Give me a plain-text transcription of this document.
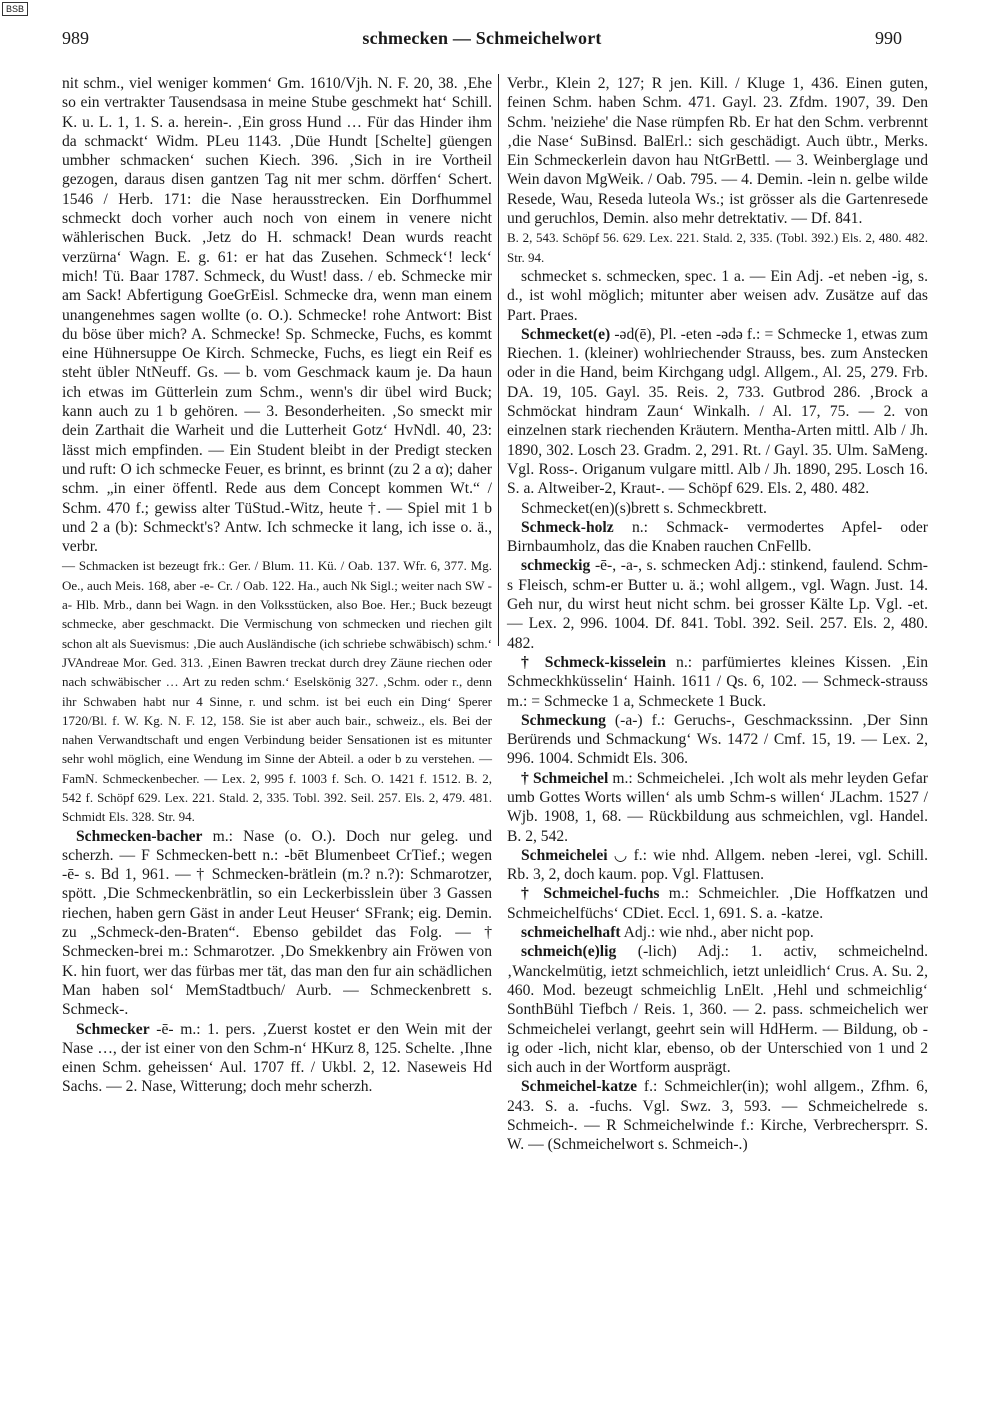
BSB
989	schmecken — Schmeichelwort	990

nit schm., viel weniger kommen‘ Gm. 1610/Vjh. N. F. 20, 38. ‚Ehe so ein vertrakter Tausendsasa in meine Stube geschmekt hat‘ Schill. K. u. L. 1, 1. S. a. herein-. ‚Ein gross Hund … Für das Hinder ihm da schmackt‘ Widm. PLeu 1143. ‚Düe Hundt [Schelte] güengen umbher schmacken‘ suchen Kiech. 396. ‚Sich in ire Vortheil gezogen, daraus disen gantzen Tag nit mer schm. dörffen‘ Schert. 1546 / Herb. 171: die Nase herausstrecken. Ein Dorfhummel schmeckt doch vorher auch noch von einem in venere nicht wählerischen Buck. ‚Jetz do H. schmack! Dean wurds reacht verzürna‘ Wagn. E. g. 61: er hat das Zusehen. Schmeck‘! leck‘ mich! Tü. Baar 1787. Schmeck, du Wust! dass. / eb. Schmecke mir am Sack! Abfertigung GoeGrEisl. Schmecke dra, wenn man einem unangenehmes sagen wollte (o. O.). Schmecke! rohe Antwort: Bist du böse über mich? A. Schmecke! Sp. Schmecke, Fuchs, es kommt eine Hühnersuppe Oe Kirch. Schmecke, Fuchs, es liegt ein Reif es steht übler NtNeuff. Gs. — b. vom Geschmack kaum je. Da haun ich etwas im Gütterlein zum Schm., wenn's dir übel wird Buck; kann auch zu 1 b gehören. — 3. Besonderheiten. ‚So smeckt mir dein Zarthait die Warheit und die Lutterheit Gotz‘ HvNdl. 40, 23: lässt mich empfinden. — Ein Student bleibt in der Predigt stecken und ruft: O ich schmecke Feuer, es brinnt, es brinnt (zu 2 a α); daher schm. „in einer öffentl. Rede aus dem Concept kommen Wt.“ / Schm. 470 f.; gewiss alter TüStud.-Witz, heute †. — Spiel mit 1 b und 2 a (b): Schmeckt's? Antw. Ich schmecke it lang, ich isse o. ä., verbr.

— Schmacken ist bezeugt frk.: Ger. / Blum. 11. Kü. / Oab. 137. Wfr. 6, 377. Mg. Oe., auch Meis. 168, aber -e- Cr. / Oab. 122. Ha., auch Nk Sigl.; weiter nach SW -a- Hlb. Mrb., dann bei Wagn. in den Volksstücken, also Boe. Her.; Buck bezeugt schmecke, aber geschmackt. Die Vermischung von schmecken und riechen gilt schon alt als Suevismus: ‚Die auch Ausländische (ich schriebe schwäbisch) schm.‘ JVAndreae Mor. Ged. 313. ‚Einen Bawren treckat durch drey Zäune riechen oder nach schwäbischer … Art zu reden schm.‘ Eselskönig 327. ‚Schm. oder r., denn ihr Schwaben habt nur 4 Sinne, r. und schm. ist bei euch ein Ding‘ Sperer 1720/Bl. f. W. Kg. N. F. 12, 158. Sie ist aber auch bair., schweiz., els. Bei der nahen Verwandtschaft und engen Verbindung beider Sensationen ist es mitunter sehr wohl möglich, eine Wendung im Sinne der Abteil. a oder b zu verstehen. — FamN. Schmeckenbecher. — Lex. 2, 995 f. 1003 f. Sch. O. 1421 f. 1512. B. 2, 542 f. Schöpf 629. Lex. 221. Stald. 2, 335. Tobl. 392. Seil. 257. Els. 2, 479. 481. Schmidt Els. 328. Str. 94.

Schmecken-bacher m.: Nase (o. O.). Doch nur geleg. und scherzh. — F Schmecken-bett n.: -bēt Blumenbeet CrTief.; wegen -ē- s. Bd 1, 961. — † Schmecken-brätlein (m.? n.?): Schmarotzer, spött. ‚Die Schmeckenbrätlin, so ein Leckerbisslein über 3 Gassen riechen, haben gern Gäst in ander Leut Heuser‘ SFrank; eig. Demin. zu „Schmeck-den-Braten“. Ebenso gebildet das Folg. — † Schmecken-brei m.: Schmarotzer. ‚Do Smekkenbry ain Fröwen von K. hin fuort, wer das fürbas mer tät, das man den fur ain schädlichen Man haben sol‘ MemStadtbuch/ Aurb. — Schmeckenbrett s. Schmeck-.

Schmecker -ē- m.: 1. pers. ‚Zuerst kostet er den Wein mit der Nase …, der ist einer von den Schm-n‘ HKurz 8, 125. Schelte. ‚Ihne einen Schm. geheissen‘ Aul. 1707 ff. / Ukbl. 2, 12. Naseweis Hd Sachs. — 2. Nase, Witterung; doch mehr scherzh.

Verbr., Klein 2, 127; R jen. Kill. / Kluge 1, 436. Einen guten, feinen Schm. haben Schm. 471. Gayl. 23. Zfdm. 1907, 39. Den Schm. 'neiziehe' die Nase rümpfen Rb. Er hat den Schm. verbrennt ‚die Nase‘ SuBinsd. BalErl.: sich geschädigt. Auch übtr., Merks. Ein Schmeckerlein davon hau NtGrBettl. — 3. Weinberglage und Wein davon MgWeik. / Oab. 795. — 4. Demin. -lein n. gelbe wilde Resede, Wau, Reseda luteola Ws.; ist grösser als die Gartenresede und geruchlos, Demin. also mehr detrektativ. — Df. 841.

B. 2, 543. Schöpf 56. 629. Lex. 221. Stald. 2, 335. (Tobl. 392.) Els. 2, 480. 482. Str. 94.

schmecket s. schmecken, spec. 1 a. — Ein Adj. -et neben -ig, s. d., ist wohl möglich; mitunter aber weisen adv. Zusätze auf das Part. Praes.

Schmecket(e) -əd(ē), Pl. -eten -ədə f.: = Schmecke 1, etwas zum Riechen. 1. (kleiner) wohlriechender Strauss, bes. zum Anstecken oder in die Hand, beim Kirchgang udgl. Allgem., Al. 25, 279. Frb. DA. 19, 105. Gayl. 35. Reis. 2, 733. Gutbrod 286. ‚Brock a Schmöckat hindram Zaun‘ Winkalh. / Al. 17, 75. — 2. von einzelnen stark riechenden Kräutern. Mentha-Arten mittl. Alb / Jh. 1890, 302. Losch 23. Gradm. 2, 291. Rt. / Gayl. 35. Ulm. SaMeng. Vgl. Ross-. Origanum vulgare mittl. Alb / Jh. 1890, 295. Losch 16. S. a. Altweiber-2, Kraut-. — Schöpf 629. Els. 2, 480. 482.

Schmecket(en)(s)brett s. Schmeckbrett.

Schmeck-holz n.: Schmack- vermodertes Apfel- oder Birnbaumholz, das die Knaben rauchen CnFellb.

schmeckig -ē-, -a-, s. schmecken Adj.: stinkend, faulend. Schm-s Fleisch, schm-er Butter u. ä.; wohl allgem., vgl. Wagn. Just. 14. Geh nur, du wirst heut nicht schm. bei grosser Kälte Lp. Vgl. -et. — Lex. 2, 996. 1004. Df. 841. Tobl. 392. Seil. 257. Els. 2, 480. 482.

† Schmeck-kisselein n.: parfümiertes kleines Kissen. ‚Ein Schmeckhküsselin‘ Hainh. 1611 / Qs. 6, 102. — Schmeck-strauss m.: = Schmecke 1 a, Schmeckete 1 Buck.

Schmeckung (-a-) f.: Geruchs-, Geschmackssinn. ‚Der Sinn Berürends und Schmackung‘ Ws. 1472 / Cmf. 15, 19. — Lex. 2, 996. 1004. Schmidt Els. 306.

† Schmeichel m.: Schmeichelei. ‚Ich wolt als mehr leyden Gefar umb Gottes Worts willen‘ als umb Schm-s willen‘ JLachm. 1527 / Wjb. 1908, 1, 68. — Rückbildung aus schmeichlen, vgl. Handel. B. 2, 542.

Schmeichelei ◡ f.: wie nhd. Allgem. neben -lerei, vgl. Schill. Rb. 3, 2, doch kaum. pop. Vgl. Flattusen.

† Schmeichel-fuchs m.: Schmeichler. ‚Die Hoffkatzen und Schmeichelfüchs‘ CDiet. Eccl. 1, 691. S. a. -katze.

schmeichelhaft Adj.: wie nhd., aber nicht pop.

schmeich(e)lig (-lich) Adj.: 1. activ, schmeichelnd. ‚Wanckelmütig, ietzt schmeichlich, ietzt unleidlich‘ Crus. A. Su. 2, 460. Mod. bezeugt schmeichlig LnElt. ‚Hehl und schmeichlig‘ SonthBühl Tiefbch / Reis. 1, 360. — 2. pass. schmeichelich wer Schmeichelei verlangt, geehrt sein will HdHerm. — Bildung, ob -ig oder -lich, nicht klar, ebenso, ob der Unterschied von 1 und 2 sich auch in der Wortform ausprägt.

Schmeichel-katze f.: Schmeichler(in); wohl allgem., Zfhm. 6, 243. S. a. -fuchs. Vgl. Swz. 3, 593. — Schmeichelrede s. Schmeich-. — R Schmeichelwinde f.: Kirche, Verbrechersprr. S. W. — (Schmeichelwort s. Schmeich-.)
